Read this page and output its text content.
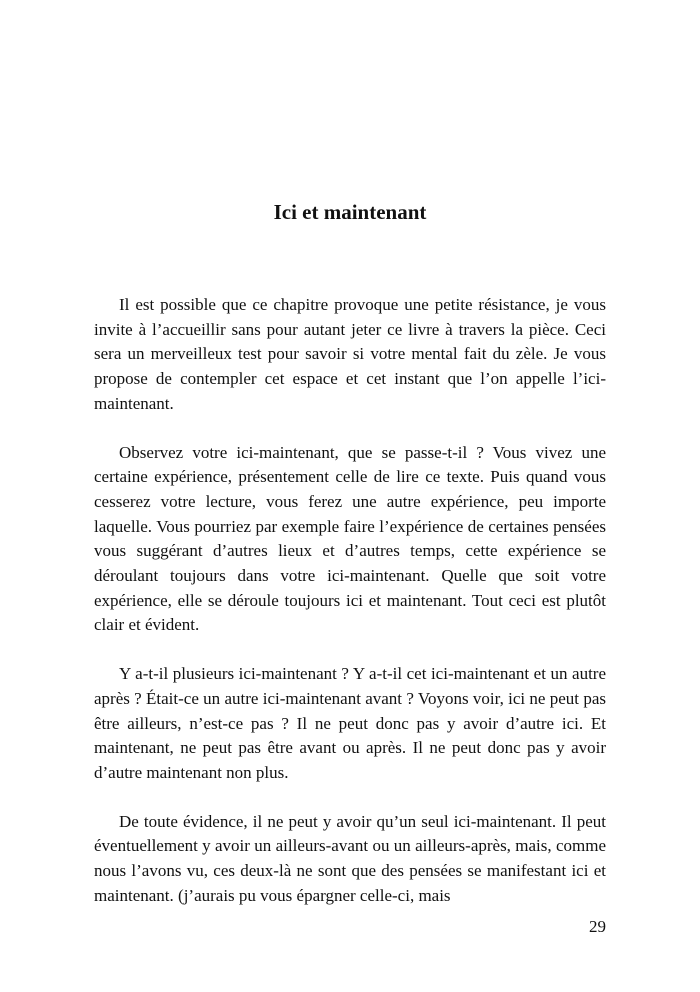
Ici et maintenant

Il est possible que ce chapitre provoque une petite résistance, je vous invite à l’accueillir sans pour autant jeter ce livre à travers la pièce. Ceci sera un merveilleux test pour savoir si votre mental fait du zèle. Je vous propose de contempler cet espace et cet instant que l’on appelle l’ici-maintenant.

Observez votre ici-maintenant, que se passe-t-il ? Vous vivez une certaine expérience, présentement celle de lire ce texte. Puis quand vous cesserez votre lecture, vous ferez une autre expérience, peu importe laquelle. Vous pourriez par exemple faire l’expérience de certaines pensées vous suggérant d’autres lieux et d’autres temps, cette expérience se déroulant toujours dans votre ici-maintenant. Quelle que soit votre expérience, elle se déroule toujours ici et maintenant. Tout ceci est plutôt clair et évident.

Y a-t-il plusieurs ici-maintenant ? Y a-t-il cet ici-maintenant et un autre après ? Était-ce un autre ici-maintenant avant ? Voyons voir, ici ne peut pas être ailleurs, n’est-ce pas ? Il ne peut donc pas y avoir d’autre ici. Et maintenant, ne peut pas être avant ou après. Il ne peut donc pas y avoir d’autre maintenant non plus.

De toute évidence, il ne peut y avoir qu’un seul ici-maintenant. Il peut éventuellement y avoir un ailleurs-avant ou un ailleurs-après, mais, comme nous l’avons vu, ces deux-là ne sont que des pensées se manifestant ici et maintenant. (j’aurais pu vous épargner celle-ci, mais

29
